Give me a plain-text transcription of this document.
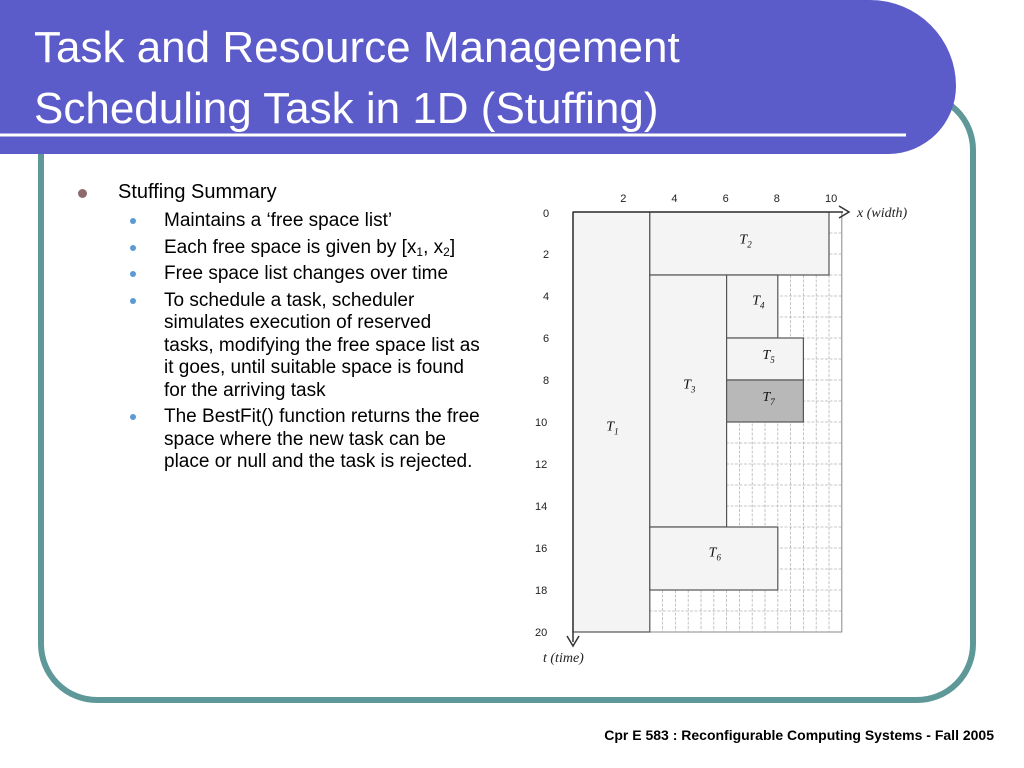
Task and Resource Management
Scheduling Task in 1D (Stuffing)
Stuffing Summary
Maintains a ‘free space list’
Each free space is given by [$x_1$, $x_2$]
Free space list changes over time
To schedule a task, scheduler simulates execution of reserved tasks, modifying the free space list as it goes, until suitable space is found for the arriving task
The BestFit() function returns the free space where the new task can be place or null and the task is rejected.
$T_1$
$T_2$
$T_3$
$T_4$
$T_5$
$T_6$
$T_7$
x (width)
t (time)
0
2	4	6	8	10
2
4
6
8
10
12
14
16
18
20
Cpr E 583 : Reconfigurable Computing Systems - Fall 2005
